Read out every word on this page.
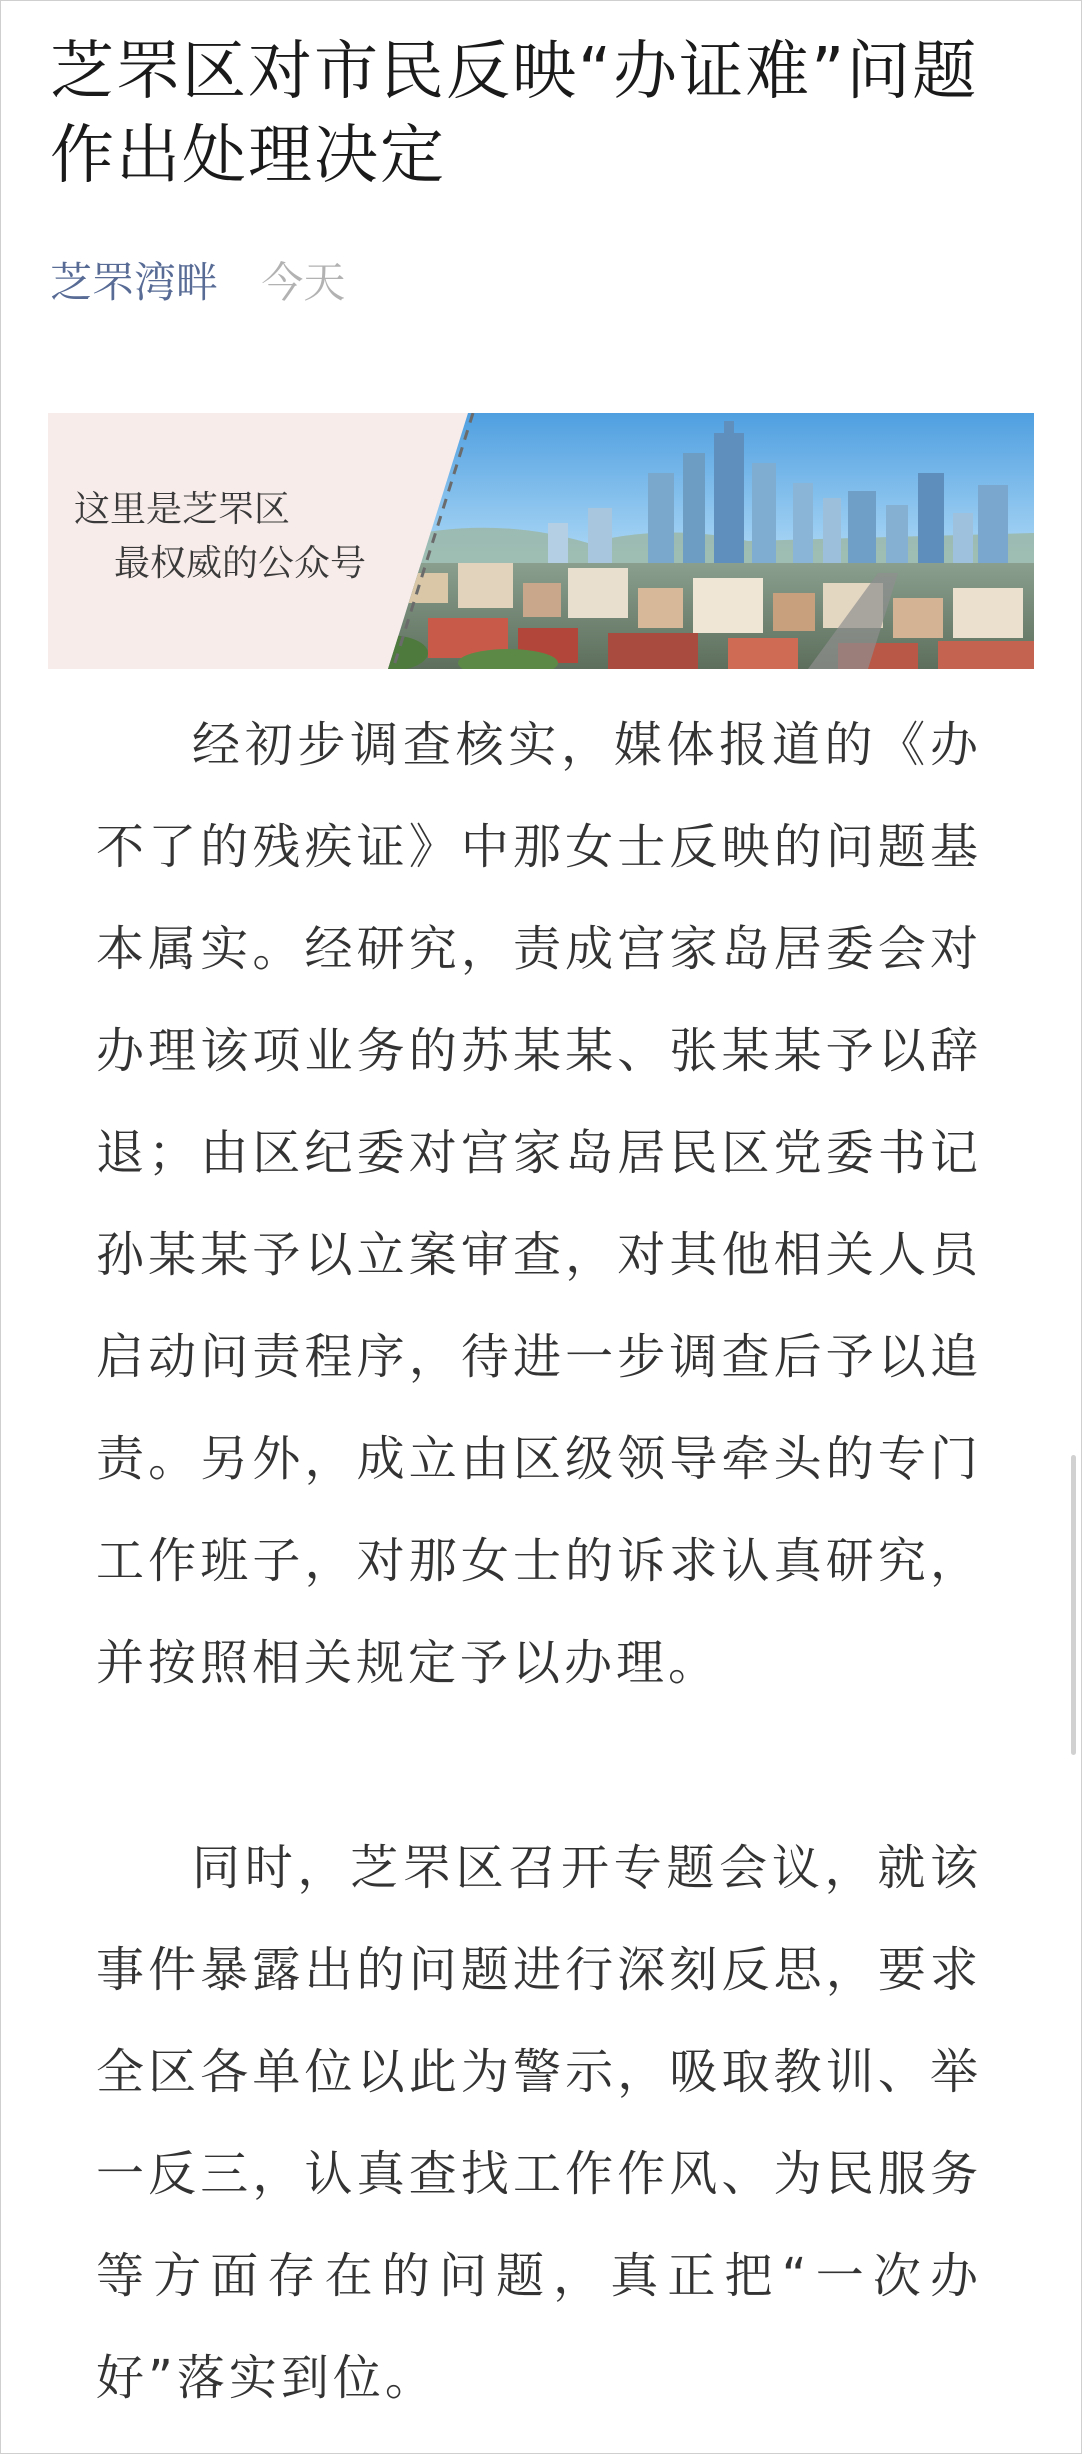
芝罘区对市民反映“办证难”问题作出处理决定
芝罘湾畔 今天
这里是芝罘区
最权威的公众号

经初步调查核实，媒体报道的《办不了的残疾证》中那女士反映的问题基本属实。经研究，责成宫家岛居委会对办理该项业务的苏某某、张某某予以辞退；由区纪委对宫家岛居民区党委书记孙某某予以立案审查，对其他相关人员启动问责程序，待进一步调查后予以追责。另外，成立由区级领导牵头的专门工作班子，对那女士的诉求认真研究，并按照相关规定予以办理。

同时，芝罘区召开专题会议，就该事件暴露出的问题进行深刻反思，要求全区各单位以此为警示，吸取教训、举一反三，认真查找工作作风、为民服务等方面存在的问题，真正把“一次办好”落实到位。
